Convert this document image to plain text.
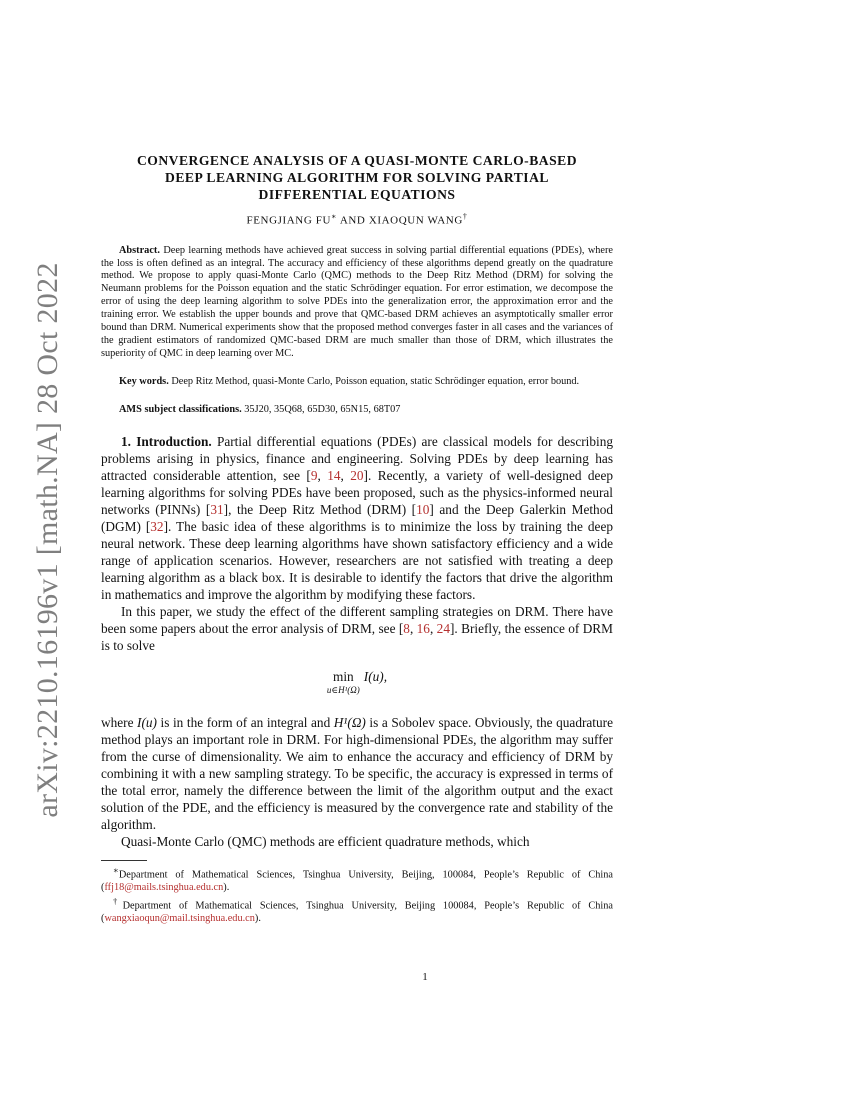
arXiv:2210.16196v1 [math.NA] 28 Oct 2022
CONVERGENCE ANALYSIS OF A QUASI-MONTE CARLO-BASED
DEEP LEARNING ALGORITHM FOR SOLVING PARTIAL
DIFFERENTIAL EQUATIONS
FENGJIANG FU∗ AND XIAOQUN WANG†
Abstract. Deep learning methods have achieved great success in solving partial differential equations (PDEs), where the loss is often defined as an integral. The accuracy and efficiency of these algorithms depend greatly on the quadrature method. We propose to apply quasi-Monte Carlo (QMC) methods to the Deep Ritz Method (DRM) for solving the Neumann problems for the Poisson equation and the static Schrödinger equation. For error estimation, we decompose the error of using the deep learning algorithm to solve PDEs into the generalization error, the approximation error and the training error. We establish the upper bounds and prove that QMC-based DRM achieves an asymptotically smaller error bound than DRM. Numerical experiments show that the proposed method converges faster in all cases and the variances of the gradient estimators of randomized QMC-based DRM are much smaller than those of DRM, which illustrates the superiority of QMC in deep learning over MC.
Key words. Deep Ritz Method, quasi-Monte Carlo, Poisson equation, static Schrödinger equation, error bound.
AMS subject classifications. 35J20, 35Q68, 65D30, 65N15, 68T07

1. Introduction. Partial differential equations (PDEs) are classical models for describing problems arising in physics, finance and engineering. Solving PDEs by deep learning has attracted considerable attention, see [9, 14, 20]. Recently, a variety of well-designed deep learning algorithms for solving PDEs have been proposed, such as the physics-informed neural networks (PINNs) [31], the Deep Ritz Method (DRM) [10] and the Deep Galerkin Method (DGM) [32]. The basic idea of these algorithms is to minimize the loss by training the deep neural network. These deep learning algorithms have shown satisfactory efficiency and a wide range of application scenarios. However, researchers are not satisfied with treating a deep learning algorithm as a black box. It is desirable to identify the factors that drive the algorithm in mathematics and improve the algorithm by modifying these factors.

In this paper, we study the effect of the different sampling strategies on DRM. There have been some papers about the error analysis of DRM, see [8, 16, 24]. Briefly, the essence of DRM is to solve

min
u∈H¹(Ω)
I(u),

where I(u) is in the form of an integral and H¹(Ω) is a Sobolev space. Obviously, the quadrature method plays an important role in DRM. For high-dimensional PDEs, the algorithm may suffer from the curse of dimensionality. We aim to enhance the accuracy and efficiency of DRM by combining it with a new sampling strategy. To be specific, the accuracy is expressed in terms of the total error, namely the difference between the limit of the algorithm output and the exact solution of the PDE, and the efficiency is measured by the convergence rate and stability of the algorithm.

Quasi-Monte Carlo (QMC) methods are efficient quadrature methods, which

∗Department of Mathematical Sciences, Tsinghua University, Beijing, 100084, People’s Republic of China (ffj18@mails.tsinghua.edu.cn).
†Department of Mathematical Sciences, Tsinghua University, Beijing 100084, People’s Republic of China (wangxiaoqun@mail.tsinghua.edu.cn).
1
